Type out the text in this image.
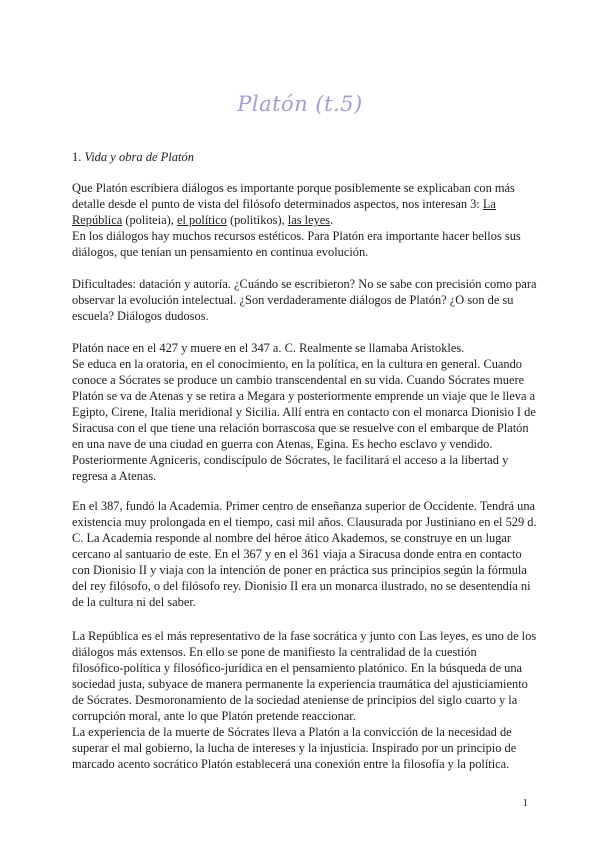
Platón (t.5)
1. Vida y obra de Platón
Que Platón escribiera diálogos es importante porque posiblemente se explicaban con más
detalle desde el punto de vista del filósofo determinados aspectos, nos interesan 3: La
República (politeia), el político (politikos), las leyes.
En los diálogos hay muchos recursos estéticos. Para Platón era importante hacer bellos sus
diálogos, que tenían un pensamiento en continua evolución.
Dificultades: datación y autoría. ¿Cuándo se escribieron? No se sabe con precisión como para
observar la evolución intelectual. ¿Son verdaderamente diálogos de Platón? ¿O son de su
escuela? Diálogos dudosos.
Platón nace en el 427 y muere en el 347 a. C. Realmente se llamaba Aristokles.
Se educa en la oratoria, en el conocimiento, en la política, en la cultura en general. Cuando
conoce a Sócrates se produce un cambio transcendental en su vida. Cuando Sócrates muere
Platón se va de Atenas y se retira a Megara y posteriormente emprende un viaje que le lleva a
Egipto, Cirene, Italia meridional y Sicilia. Allí entra en contacto con el monarca Dionisio I de
Siracusa con el que tiene una relación borrascosa que se resuelve con el embarque de Platón
en una nave de una ciudad en guerra con Atenas, Egina. Es hecho esclavo y vendido.
Posteriormente Agniceris, condiscípulo de Sócrates, le facilitará el acceso a la libertad y
regresa a Atenas.
En el 387, fundó la Academia. Primer centro de enseñanza superior de Occidente. Tendrá una
existencia muy prolongada en el tiempo, casi mil años. Clausurada por Justiniano en el 529 d.
C. La Academia responde al nombre del héroe ático Akademos, se construye en un lugar
cercano al santuario de este. En el 367 y en el 361 viaja a Siracusa donde entra en contacto
con Dionisio II y viaja con la intención de poner en práctica sus principios según la fórmula
del rey filósofo, o del filósofo rey. Dionisio II era un monarca ilustrado, no se desentendía ni
de la cultura ni del saber.
La República es el más representativo de la fase socrática y junto con Las leyes, es uno de los
diálogos más extensos. En ello se pone de manifiesto la centralidad de la cuestión
filosófico-política y filosófico-jurídica en el pensamiento platónico. En la búsqueda de una
sociedad justa, subyace de manera permanente la experiencia traumática del ajusticiamiento
de Sócrates. Desmoronamiento de la sociedad ateniense de principios del siglo cuarto y la
corrupción moral, ante lo que Platón pretende reaccionar.
La experiencia de la muerte de Sócrates lleva a Platón a la convicción de la necesidad de
superar el mal gobierno, la lucha de intereses y la injusticia. Inspirado por un principio de
marcado acento socrático Platón establecerá una conexión entre la filosofía y la política.
1
